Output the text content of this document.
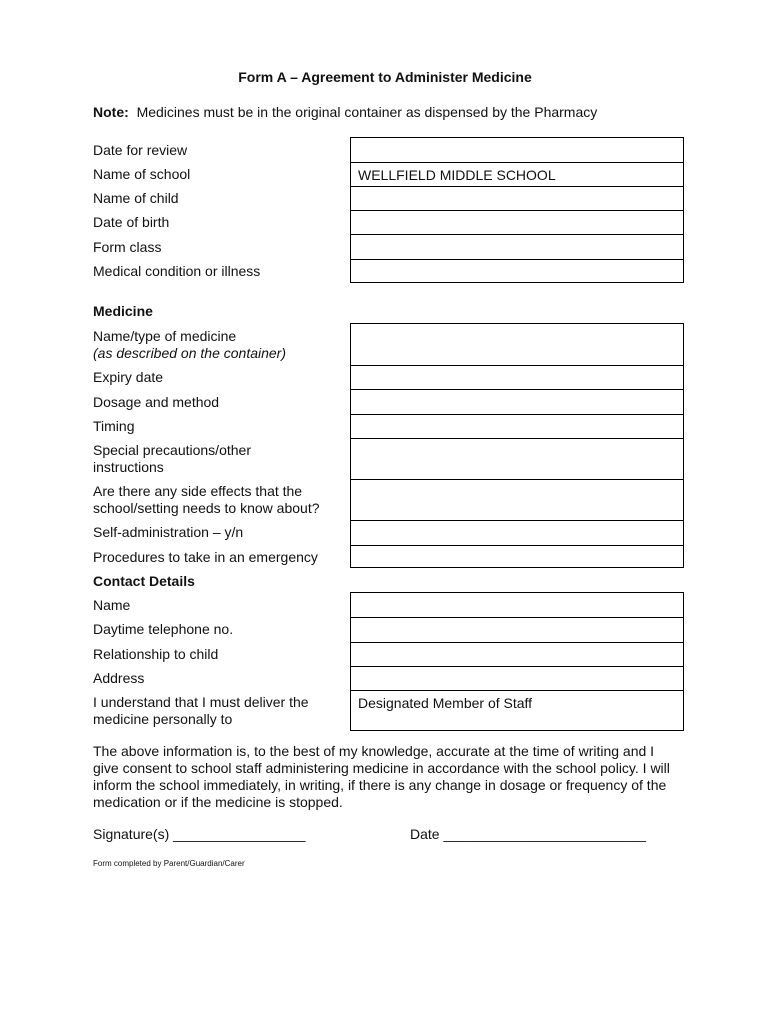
Form A – Agreement to Administer Medicine
Note: Medicines must be in the original container as dispensed by the Pharmacy
Date for review
Name of school
Name of child
Date of birth
Form class
Medical condition or illness
WELLFIELD MIDDLE SCHOOL
Medicine
Name/type of medicine
(as described on the container)
Expiry date
Dosage and method
Timing
Special precautions/other
instructions
Are there any side effects that the
school/setting needs to know about?
Self-administration – y/n
Procedures to take in an emergency
Contact Details
Name
Daytime telephone no.
Relationship to child
Address
I understand that I must deliver the
medicine personally to
Designated Member of Staff
The above information is, to the best of my knowledge, accurate at the time of writing and I give consent to school staff administering medicine in accordance with the school policy. I will inform the school immediately, in writing, if there is any change in dosage or frequency of the medication or if the medicine is stopped.
Signature(s) _________________	Date __________________________
Form completed by Parent/Guardian/Carer
